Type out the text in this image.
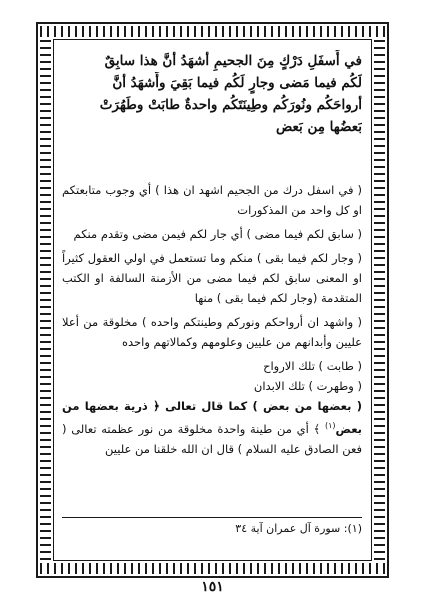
في أَسفَلِ دَرْكٍ مِنَ الجحيمِ أشهَدُ أنَّ هذا سابِقٌ
لَكُم فيما مَضى وجارٍ لَكُم فيما بَقِيَ وأَشهَدُ أنَّ
أرواحَكُم ونُورَكُم وطِينَتَكُم واحدةٌ طابَتْ وطَهُرَتْ
بَعضُها مِن بَعض

( في اسفل درك من الجحيم اشهد ان هذا ) أي وجوب متابعتكم او كل واحد من المذكورات

( سابق لكم فيما مضى ) أي جار لكم فيمن مضى وتقدم منكم

( وجار لكم فيما بقى ) منكم وما تستعمل في اولي العقول كثيراً او المعنى سابق لكم فيما مضى من الأزمنة السالفة او الكتب المتقدمة (وجار لكم فيما بقى ) منها

( واشهد ان أرواحكم ونوركم وطينتكم واحده ) مخلوقة من أعلا عليين وأبدانهم من عليين وعلومهم وكمالاتهم واحده

( طابت ) تلك الارواح

( وطهرت ) تلك الابدان

( بعضها من بعض ) كما قال تعالى ﴿ ذرية بعضها من بعض$^{(١)}$ ﴾ أي من طينة واحدة مخلوقة من نور عظمته تعالى ( فعن الصادق عليه السلام ) قال ان الله خلقنا من عليين

(١): سورة آل عمران آية ٣٤
١٥١
